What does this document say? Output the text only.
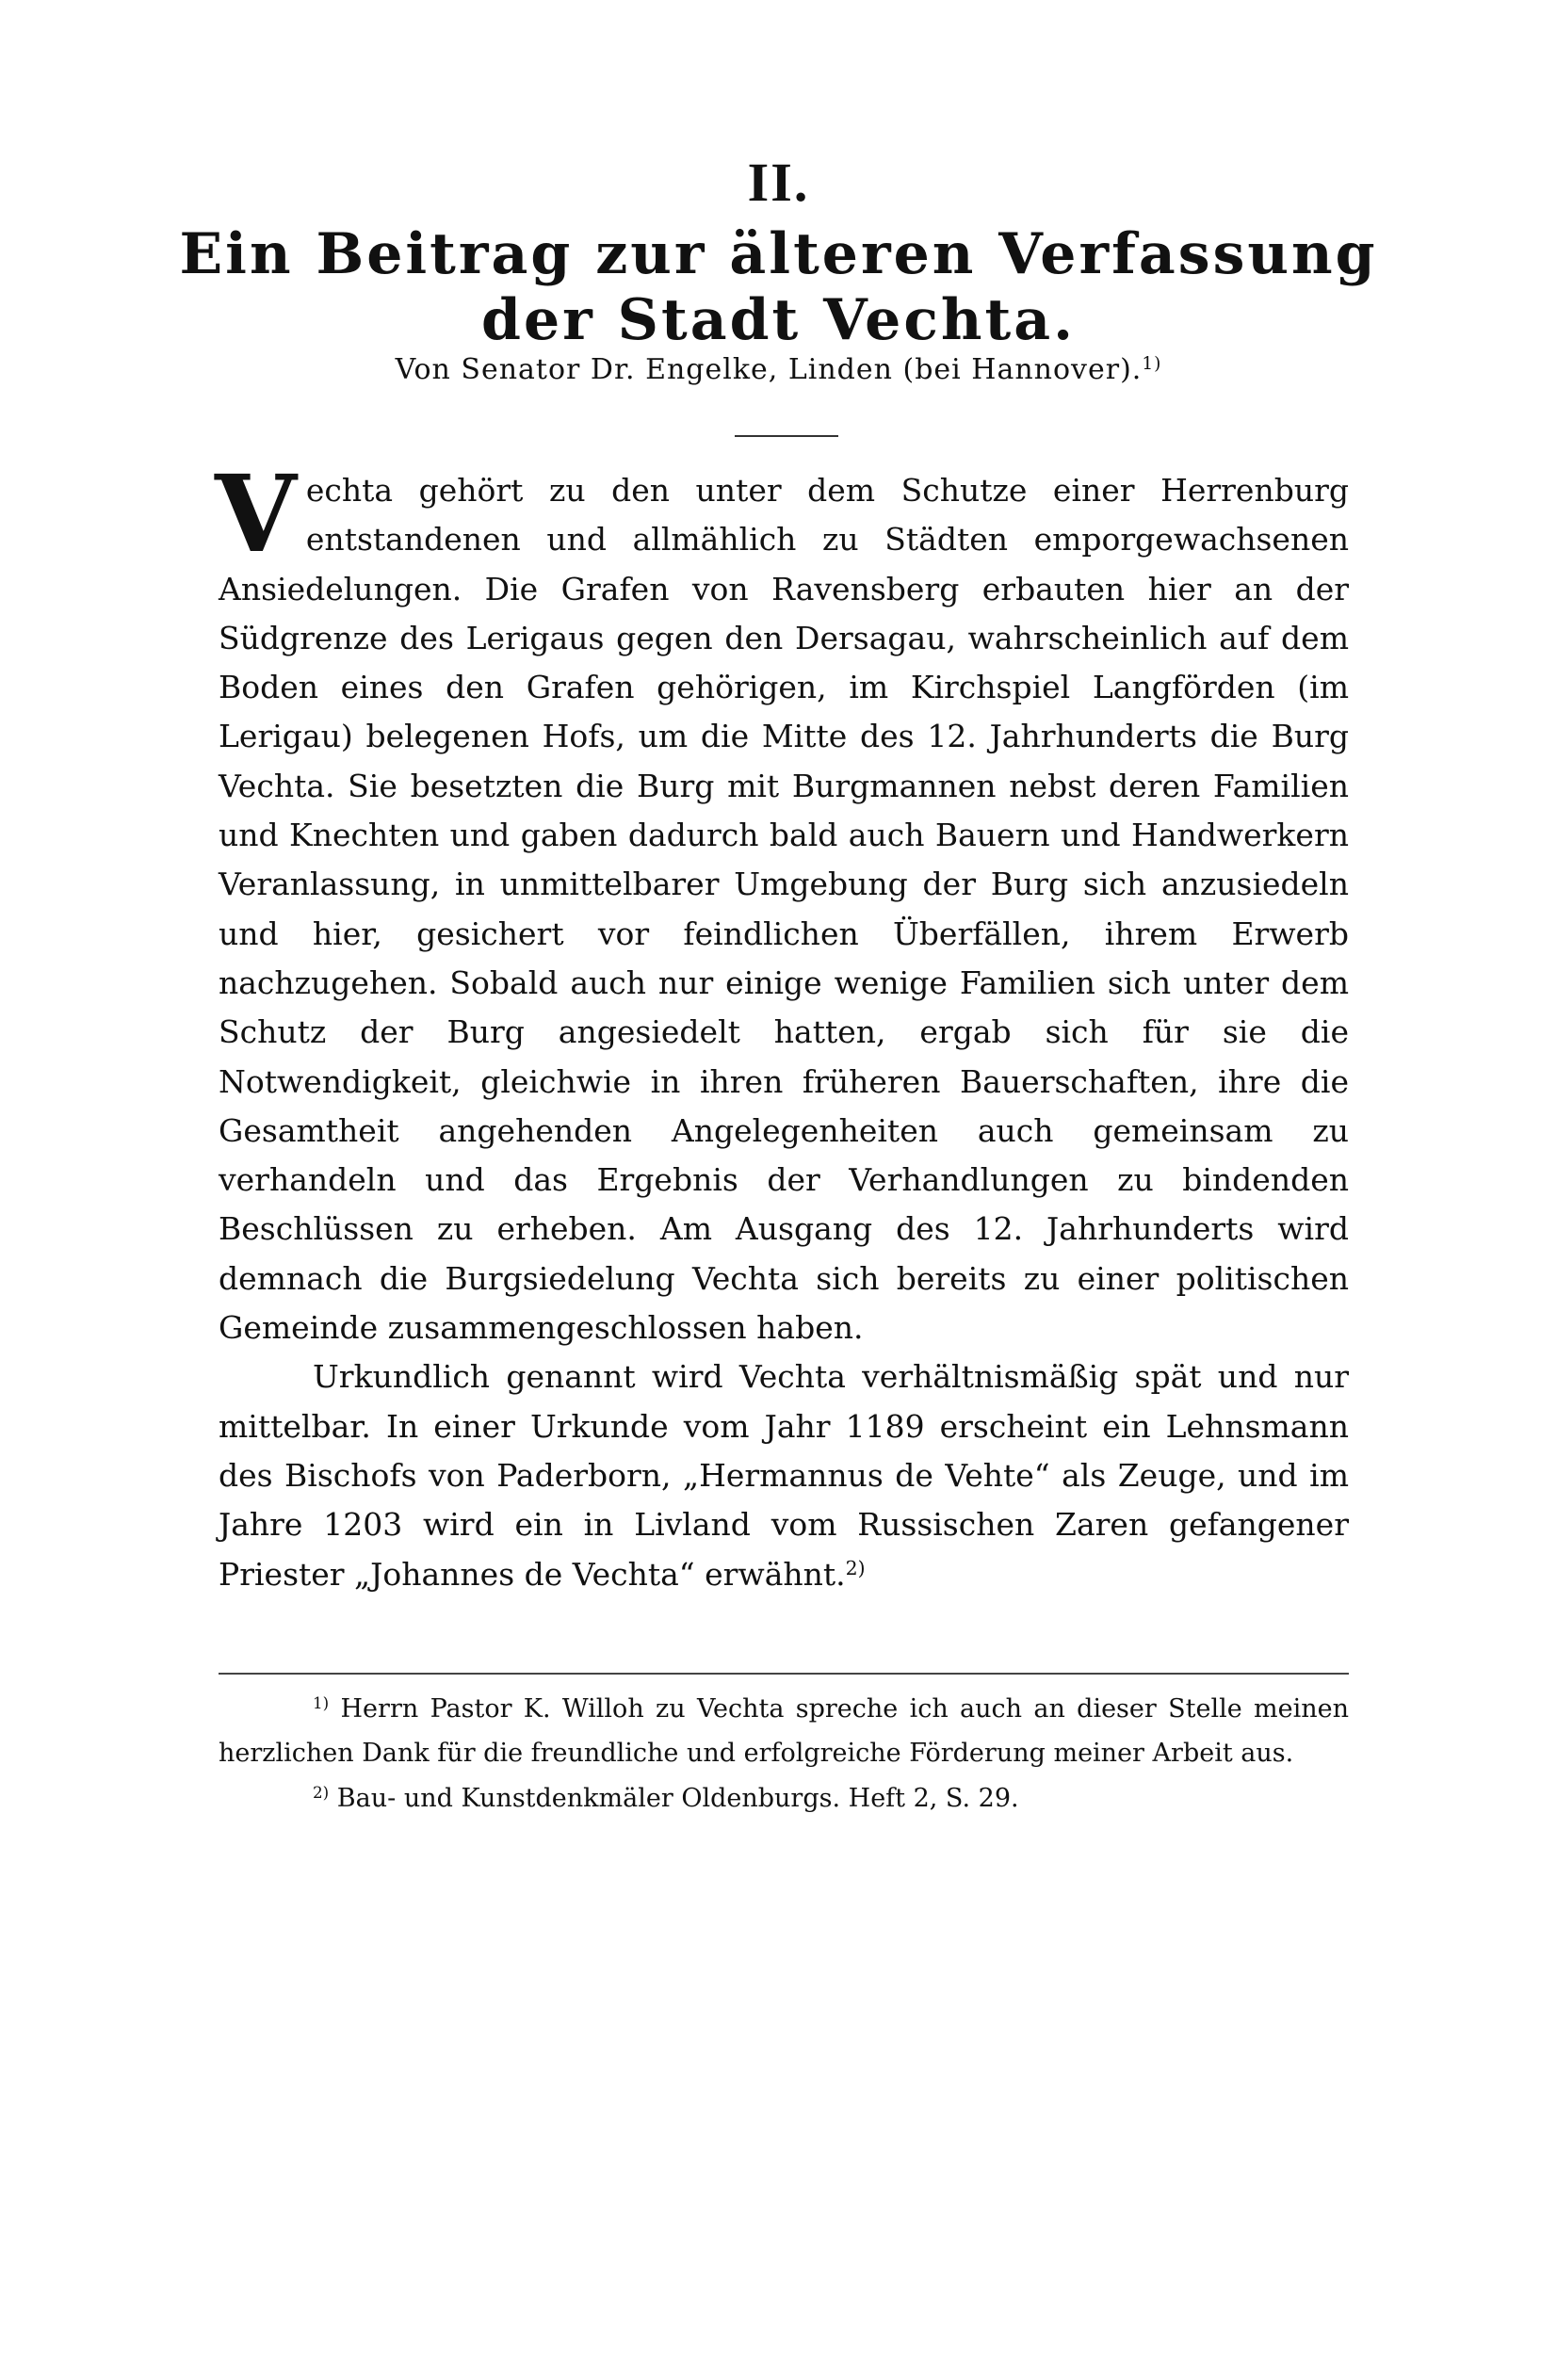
II.
Ein Beitrag zur älteren Verfassung
der Stadt Vechta.
Von Senator Dr. Engelke, Linden (bei Hannover).$^{1)}$

Vechta gehört zu den unter dem Schutze einer Herrenburg entstandenen und allmählich zu Städten emporgewachsenen Ansiedelungen. Die Grafen von Ravensberg erbauten hier an der Südgrenze des Lerigaus gegen den Dersagau, wahrscheinlich auf dem Boden eines den Grafen gehörigen, im Kirchspiel Langförden (im Lerigau) belegenen Hofs, um die Mitte des 12. Jahrhunderts die Burg Vechta. Sie besetzten die Burg mit Burgmannen nebst deren Familien und Knechten und gaben dadurch bald auch Bauern und Handwerkern Veranlassung, in unmittelbarer Umgebung der Burg sich anzusiedeln und hier, gesichert vor feindlichen Überfällen, ihrem Erwerb nachzugehen. Sobald auch nur einige wenige Familien sich unter dem Schutz der Burg angesiedelt hatten, ergab sich für sie die Notwendigkeit, gleichwie in ihren früheren Bauerschaften, ihre die Gesamtheit angehenden Angelegenheiten auch gemeinsam zu verhandeln und das Ergebnis der Verhandlungen zu bindenden Beschlüssen zu erheben. Am Ausgang des 12. Jahrhunderts wird demnach die Burgsiedelung Vechta sich bereits zu einer politischen Gemeinde zusammengeschlossen haben.

Urkundlich genannt wird Vechta verhältnismäßig spät und nur mittelbar. In einer Urkunde vom Jahr 1189 erscheint ein Lehnsmann des Bischofs von Paderborn, „Hermannus de Vehte“ als Zeuge, und im Jahre 1203 wird ein in Livland vom Russischen Zaren gefangener Priester „Johannes de Vechta“ erwähnt.$^{2)}$

$^{1)}$ Herrn Pastor K. Willoh zu Vechta spreche ich auch an dieser Stelle meinen herzlichen Dank für die freundliche und erfolgreiche Förderung meiner Arbeit aus.

$^{2)}$ Bau- und Kunstdenkmäler Oldenburgs. Heft 2, S. 29.
